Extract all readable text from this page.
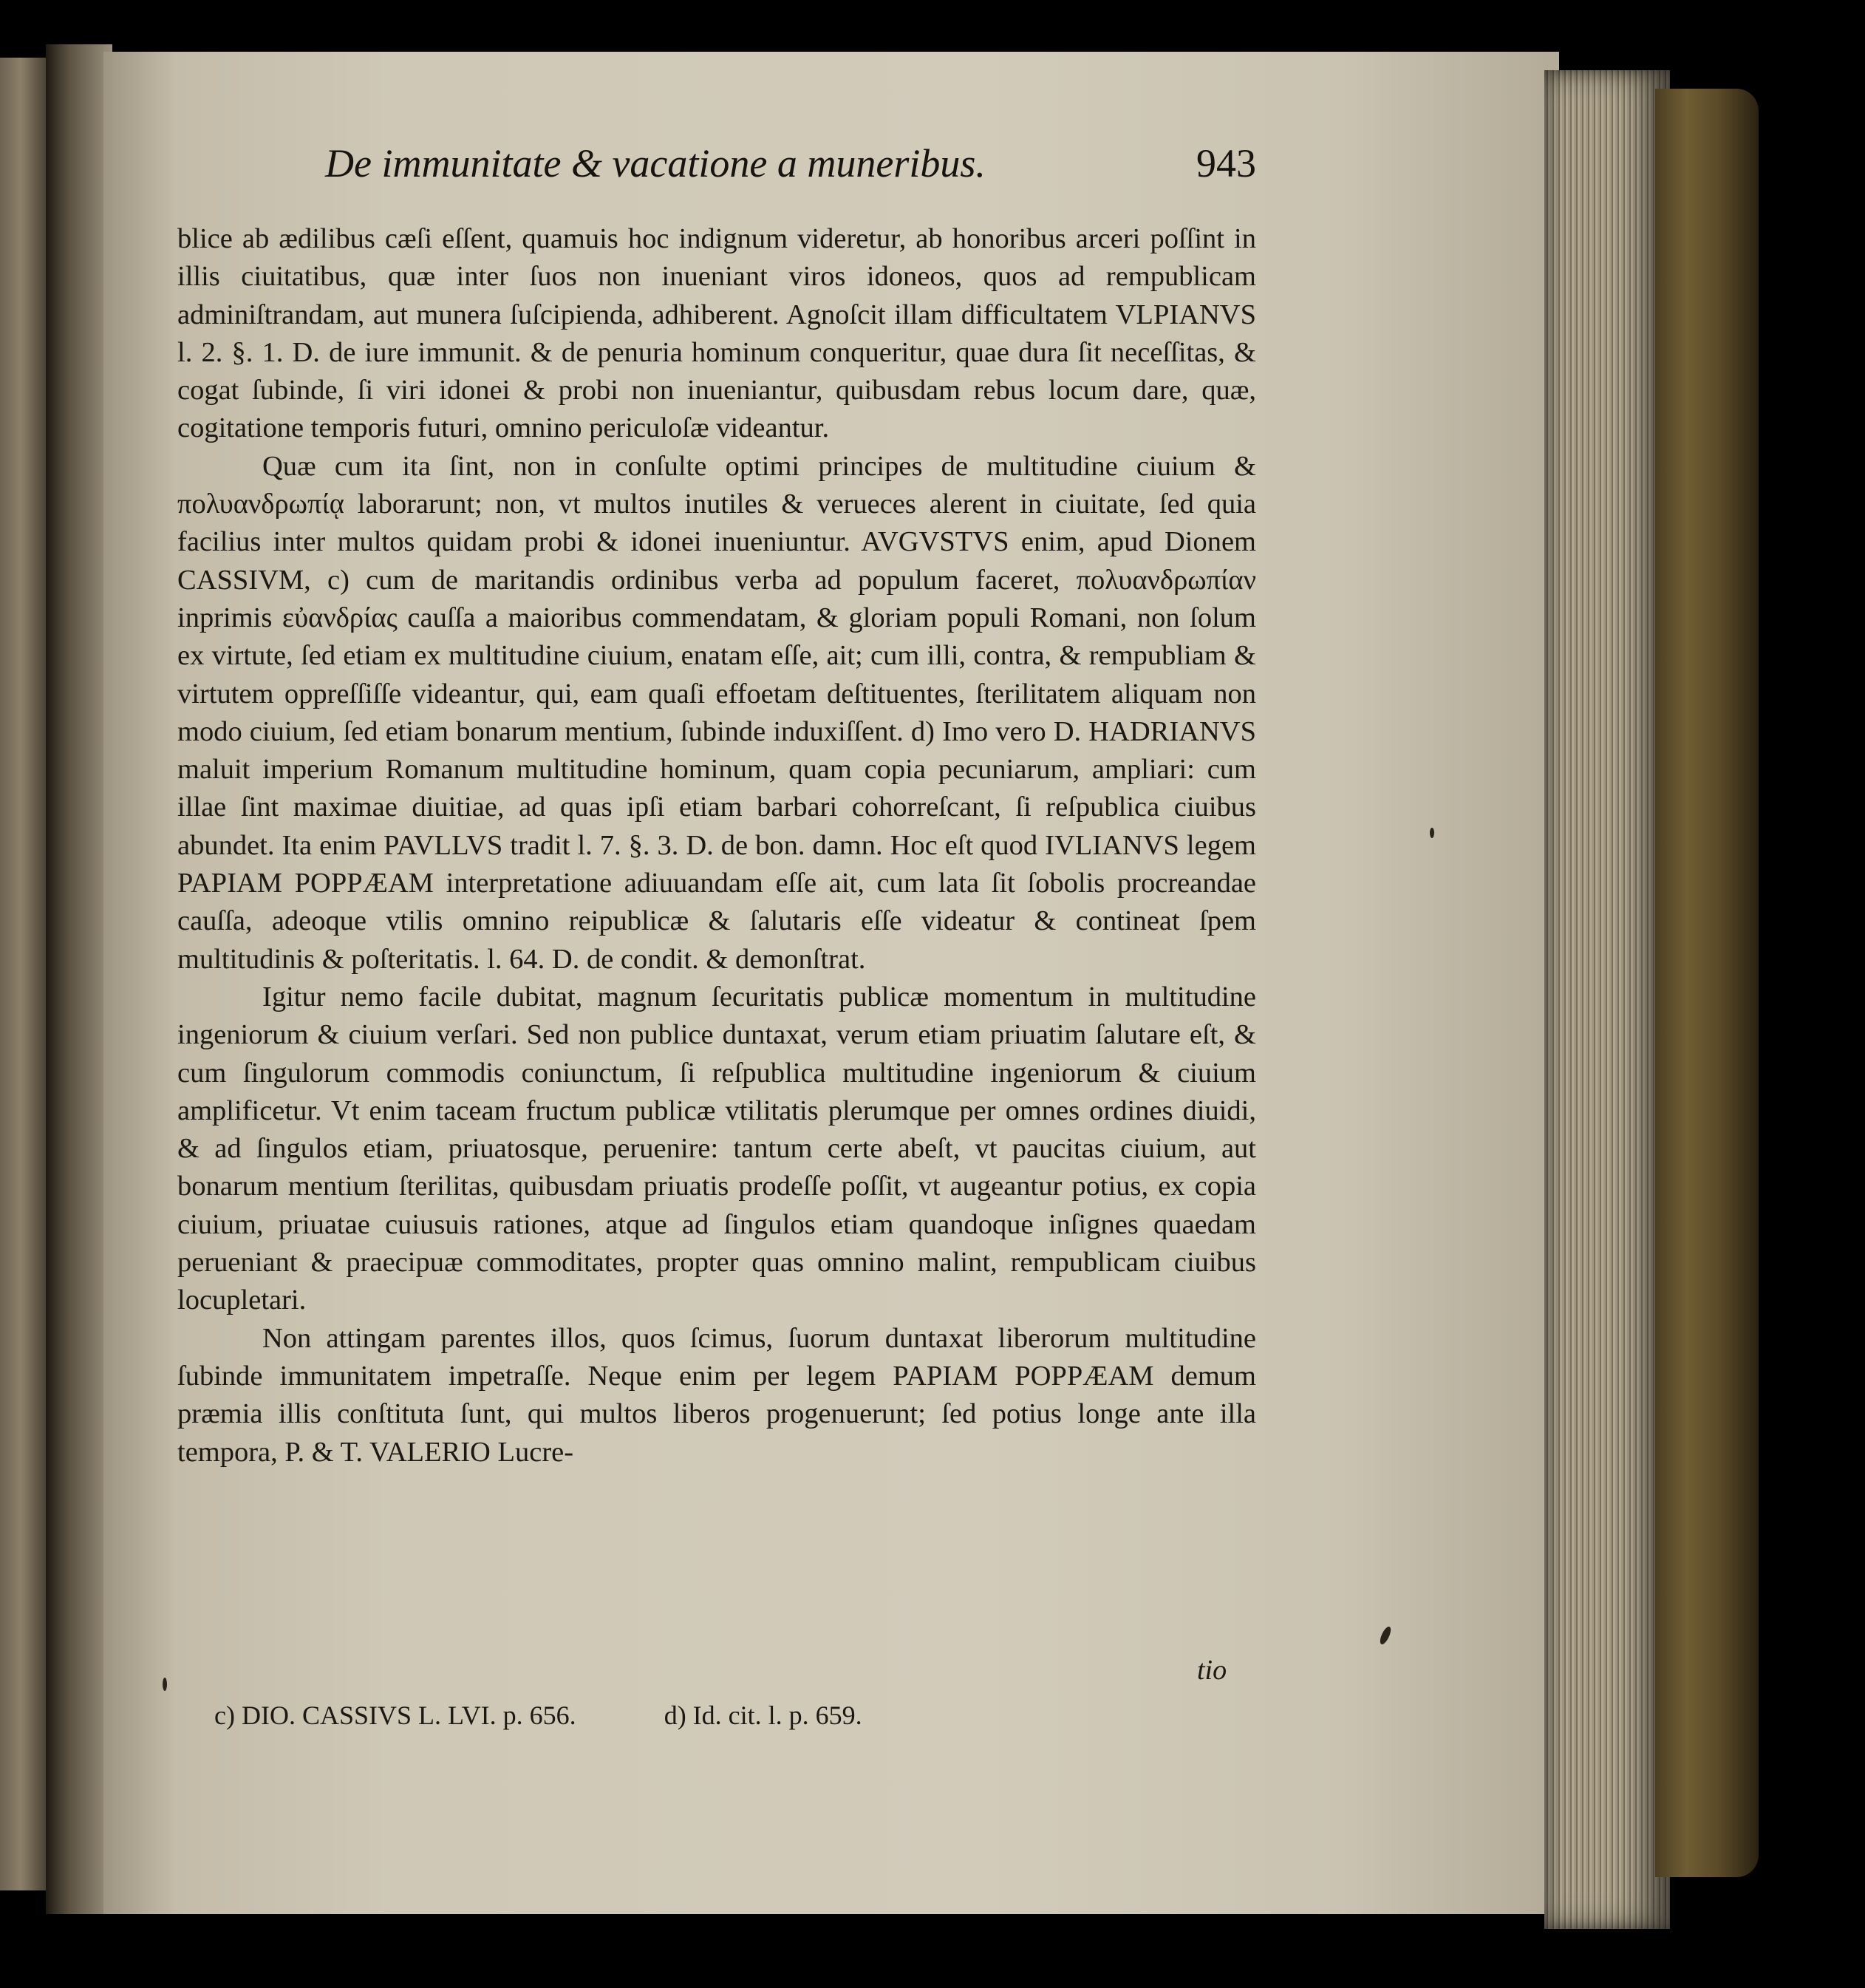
De immunitate & vacatione a muneribus.	943

blice ab ædilibus cæſi eſſent, quamuis hoc indignum videretur, ab honoribus arceri poſſint in illis ciuitatibus, quæ inter ſuos non inueniant viros idoneos, quos ad rempublicam adminiſtrandam, aut munera ſuſcipienda, adhiberent. Agnoſcit illam difficultatem VLPIANVS l. 2. §. 1. D. de iure immunit. & de penuria hominum conqueritur, quae dura ſit neceſſitas, & cogat ſubinde, ſi viri idonei & probi non inueniantur, quibusdam rebus locum dare, quæ, cogitatione temporis futuri, omnino periculoſæ videantur.

Quæ cum ita ſint, non in conſulte optimi principes de multitudine ciuium & πολυανδρωπίᾳ laborarunt; non, vt multos inutiles & verueces alerent in ciuitate, ſed quia facilius inter multos quidam probi & idonei inueniuntur. AVGVSTVS enim, apud Dionem CASSIVM, c) cum de maritandis ordinibus verba ad populum faceret, πολυανδρωπίαν inprimis εὐανδρίας cauſſa a maioribus commendatam, & gloriam populi Romani, non ſolum ex virtute, ſed etiam ex multitudine ciuium, enatam eſſe, ait; cum illi, contra, & rempubliam & virtutem oppreſſiſſe videantur, qui, eam quaſi effoetam deſtituentes, ſterilitatem aliquam non modo ciuium, ſed etiam bonarum mentium, ſubinde induxiſſent. d) Imo vero D. HADRIANVS maluit imperium Romanum multitudine hominum, quam copia pecuniarum, ampliari: cum illae ſint maximae diuitiae, ad quas ipſi etiam barbari cohorreſcant, ſi reſpublica ciuibus abundet. Ita enim PAVLLVS tradit l. 7. §. 3. D. de bon. damn. Hoc eſt quod IVLIANVS legem PAPIAM POPPÆAM interpretatione adiuuandam eſſe ait, cum lata ſit ſobolis procreandae cauſſa, adeoque vtilis omnino reipublicæ & ſalutaris eſſe videatur & contineat ſpem multitudinis & poſteritatis. l. 64. D. de condit. & demonſtrat.

Igitur nemo facile dubitat, magnum ſecuritatis publicæ momentum in multitudine ingeniorum & ciuium verſari. Sed non publice duntaxat, verum etiam priuatim ſalutare eſt, & cum ſingulorum commodis coniunctum, ſi reſpublica multitudine ingeniorum & ciuium amplificetur. Vt enim taceam fructum publicæ vtilitatis plerumque per omnes ordines diuidi, & ad ſingulos etiam, priuatosque, peruenire: tantum certe abeſt, vt paucitas ciuium, aut bonarum mentium ſterilitas, quibusdam priuatis prodeſſe poſſit, vt augeantur potius, ex copia ciuium, priuatae cuiusuis rationes, atque ad ſingulos etiam quandoque inſignes quaedam perueniant & praecipuæ commoditates, propter quas omnino malint, rempublicam ciuibus locupletari.

Non attingam parentes illos, quos ſcimus, ſuorum duntaxat liberorum multitudine ſubinde immunitatem impetraſſe. Neque enim per legem PAPIAM POPPÆAM demum præmia illis conſtituta ſunt, qui multos liberos progenuerunt; ſed potius longe ante illa tempora, P. & T. VALERIO Lucre-

tio
c) DIO. CASSIVS L. LVI. p. 656.	d) Id. cit. l. p. 659.
